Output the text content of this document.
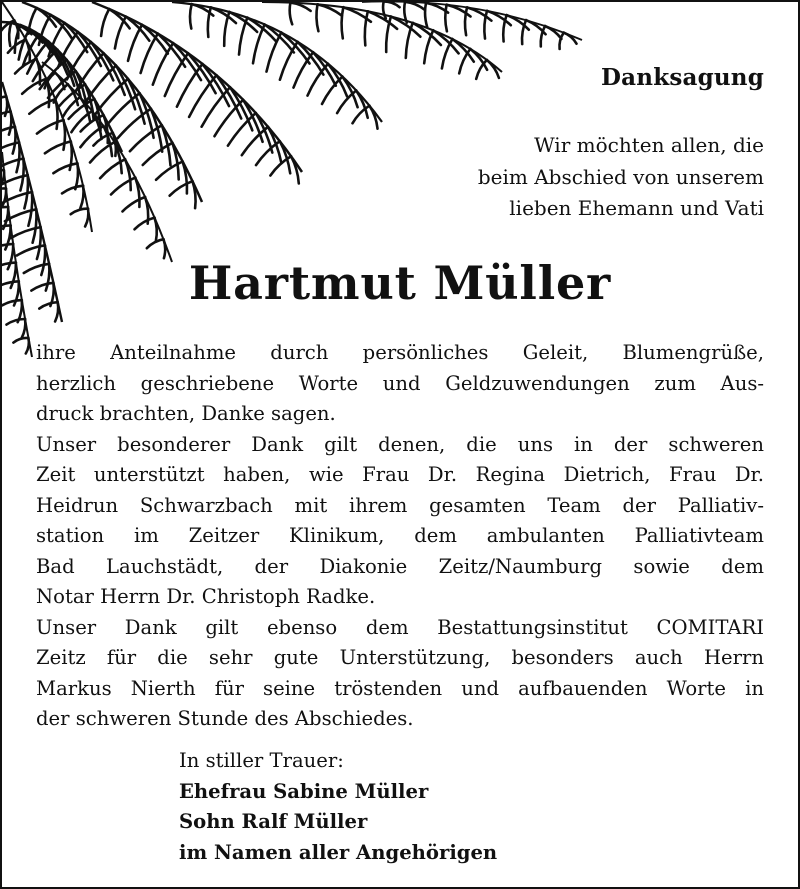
Danksagung
Wir möchten allen, die
beim Abschied von unserem
lieben Ehemann und Vati
Hartmut Müller
ihre Anteilnahme durch persönliches Geleit, Blumengrüße,
herzlich geschriebene Worte und Geldzuwendungen zum Aus-
druck brachten, Danke sagen.
Unser besonderer Dank gilt denen, die uns in der schweren
Zeit unterstützt haben, wie Frau Dr. Regina Dietrich, Frau Dr.
Heidrun Schwarzbach mit ihrem gesamten Team der Palliativ-
station im Zeitzer Klinikum, dem ambulanten Palliativteam
Bad Lauchstädt, der Diakonie Zeitz/Naumburg sowie dem
Notar Herrn Dr. Christoph Radke.
Unser Dank gilt ebenso dem Bestattungsinstitut COMITARI
Zeitz für die sehr gute Unterstützung, besonders auch Herrn
Markus Nierth für seine tröstenden und aufbauenden Worte in
der schweren Stunde des Abschiedes.
In stiller Trauer:
Ehefrau Sabine Müller
Sohn Ralf Müller
im Namen aller Angehörigen
